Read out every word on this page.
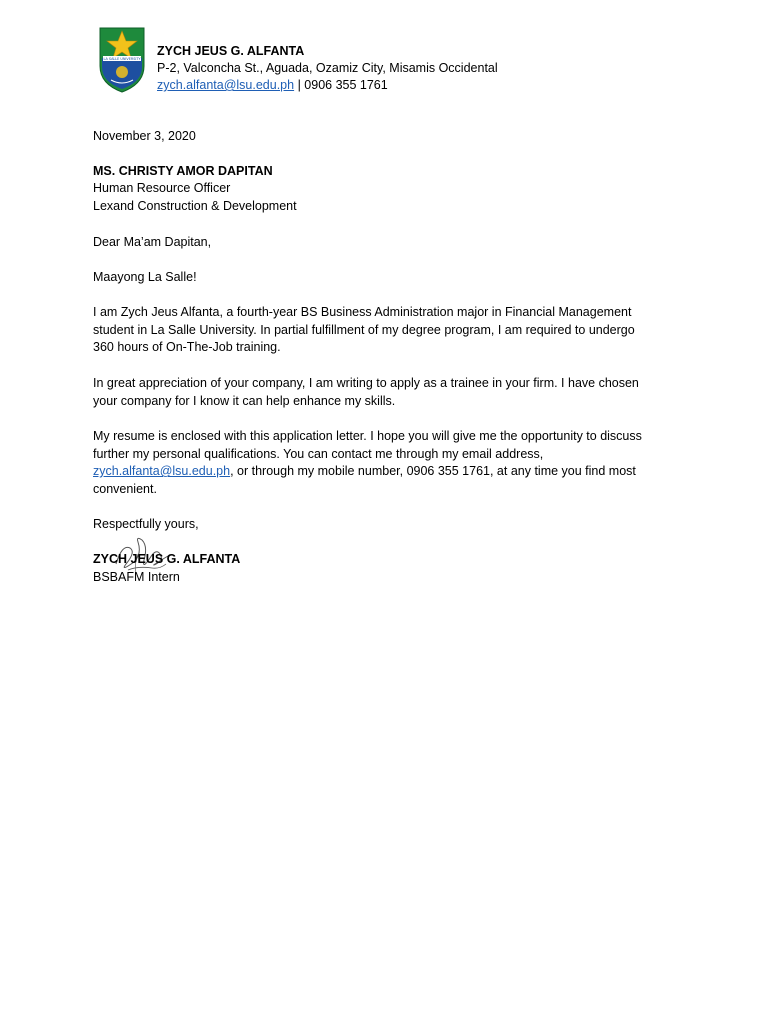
LA SALLE UNIVERSITY
ZYCH JEUS G. ALFANTA
P-2, Valconcha St., Aguada, Ozamiz City, Misamis Occidental
zych.alfanta@lsu.edu.ph | 0906 355 1761
November 3, 2020
MS. CHRISTY AMOR DAPITAN
Human Resource Officer
Lexand Construction & Development
Dear Ma’am Dapitan,
Maayong La Salle!
I am Zych Jeus Alfanta, a fourth-year BS Business Administration major in Financial Management
student in La Salle University. In partial fulfillment of my degree program, I am required to undergo
360 hours of On-The-Job training.
In great appreciation of your company, I am writing to apply as a trainee in your firm. I have chosen
your company for I know it can help enhance my skills.
My resume is enclosed with this application letter. I hope you will give me the opportunity to discuss
further my personal qualifications. You can contact me through my email address,
zych.alfanta@lsu.edu.ph, or through my mobile number, 0906 355 1761, at any time you find most
convenient.
Respectfully yours,
ZYCH JEUS G. ALFANTA
BSBAFM Intern
